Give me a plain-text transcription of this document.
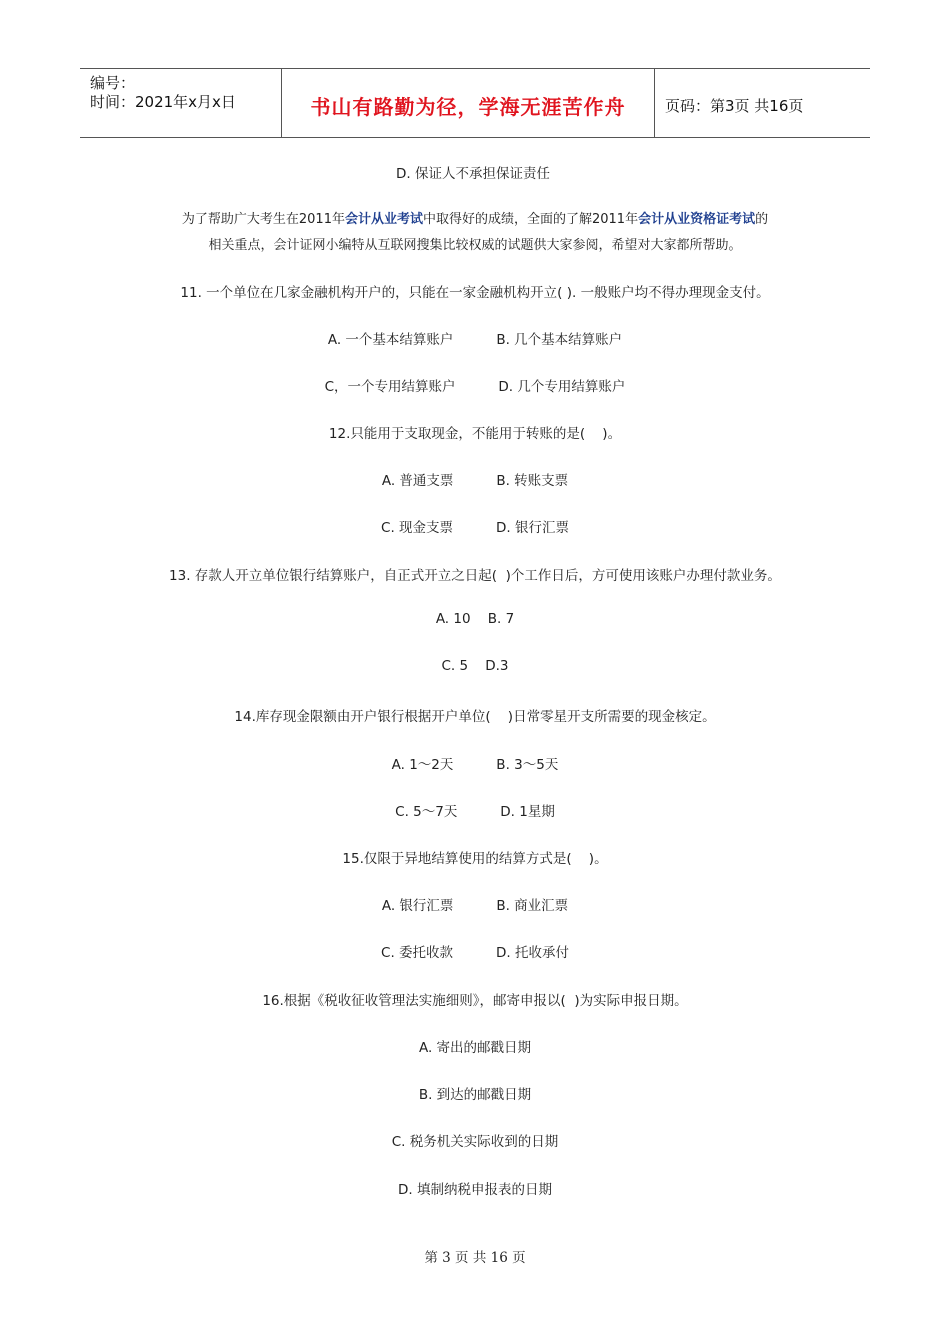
编号：
时间：2021年x月x日	书山有路勤为径，学海无涯苦作舟	页码：第3页 共16页
D. 保证人不承担保证责任
为了帮助广大考生在2011年会计从业考试中取得好的成绩，全面的了解2011年会计从业资格证考试的
相关重点，会计证网小编特从互联网搜集比较权威的试题供大家参阅，希望对大家都所帮助。
11. 一个单位在几家金融机构开户的，只能在一家金融机构开立( ). 一般账户均不得办理现金支付。
A. 一个基本结算账户          B. 几个基本结算账户
C，一个专用结算账户          D. 几个专用结算账户
12.只能用于支取现金，不能用于转账的是(    )。
A. 普通支票          B. 转账支票
C. 现金支票          D. 银行汇票
13. 存款人开立单位银行结算账户，自正式开立之日起(  )个工作日后，方可使用该账户办理付款业务。
A. 10    B. 7
C. 5    D.3
14.库存现金限额由开户银行根据开户单位(    )日常零星开支所需要的现金核定。
A. 1～2天          B. 3～5天
C. 5～7天          D. 1星期
15.仅限于异地结算使用的结算方式是(    )。
A. 银行汇票          B. 商业汇票
C. 委托收款          D. 托收承付
16.根据《税收征收管理法实施细则》，邮寄申报以(  )为实际申报日期。
A. 寄出的邮戳日期
B. 到达的邮戳日期
C. 税务机关实际收到的日期
D. 填制纳税申报表的日期
第 3 页 共 16 页
